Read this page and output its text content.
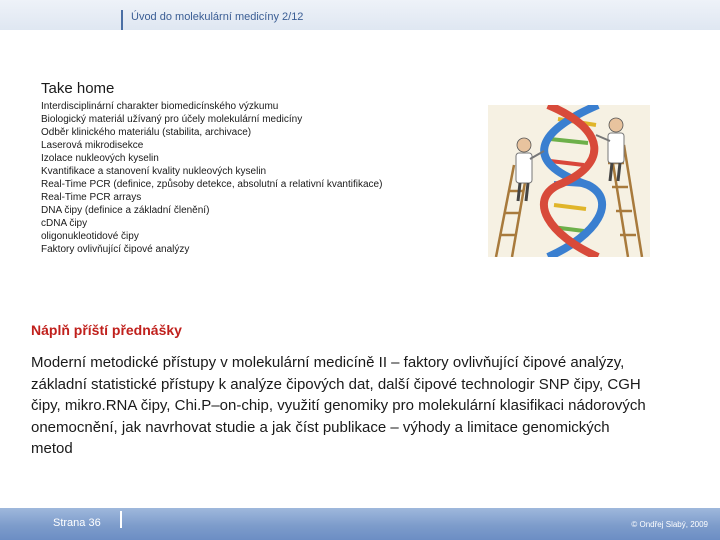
Úvod do molekulární medicíny 2/12
Take home
Interdisciplinární charakter biomedicínského výzkumu
Biologický materiál užívaný pro účely molekulární medicíny
Odběr klinického materiálu (stabilita, archivace)
Laserová mikrodisekce
Izolace nukleových kyselin
Kvantifikace a stanovení kvality nukleových kyselin
Real-Time PCR (definice, způsoby detekce, absolutní a relativní kvantifikace)
Real-Time PCR arrays
DNA čipy (definice a základní členění)
cDNA čipy
oligonukleotidové čipy
Faktory ovlivňující čipové analýzy
Náplň příští přednášky

Moderní metodické přístupy v molekulární medicíně II – faktory ovlivňující čipové analýzy,
základní statistické přístupy k analýze čipových dat, další čipové technologir SNP čipy, CGH
čipy, mikro.RNA čipy, Chi.P–on-chip, využití genomiky pro molekulární klasifikaci nádorových
onemocnění, jak navrhovat studie a jak číst publikace – výhody a limitace genomických
metod

Strana 36	© Ondřej Slabý, 2009
